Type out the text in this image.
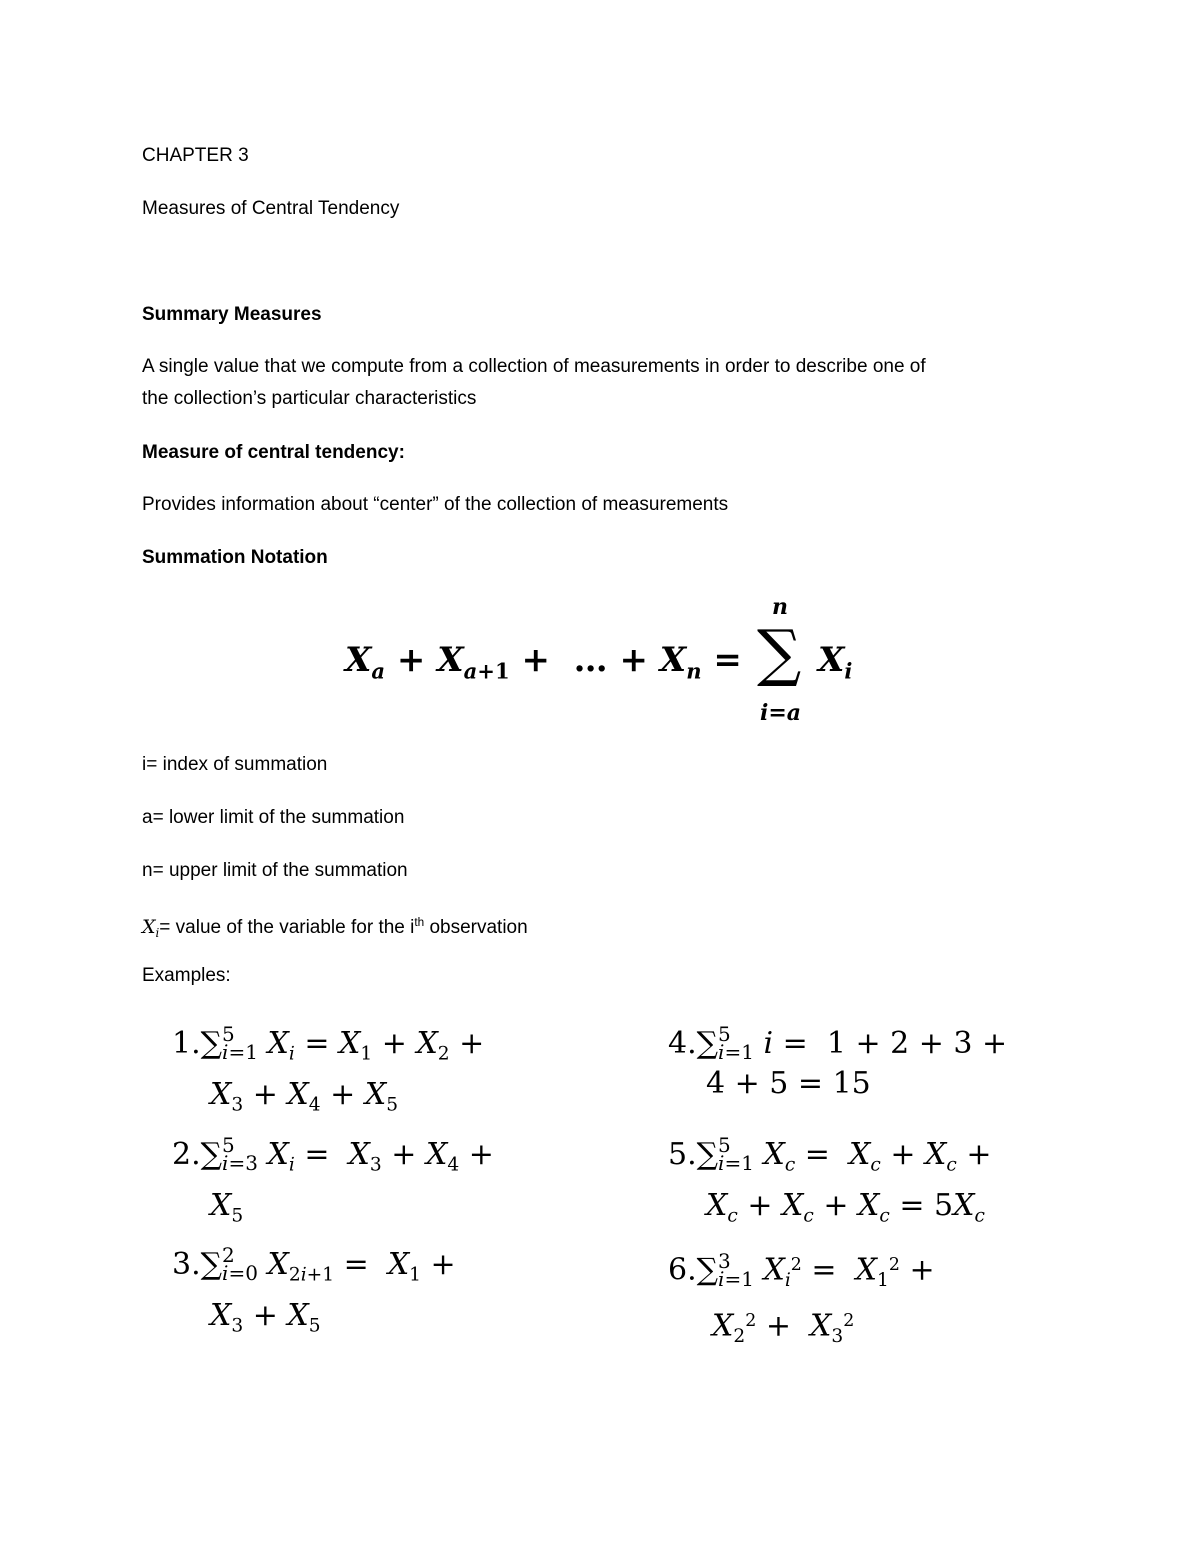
CHAPTER 3
Measures of Central Tendency
Summary Measures
A single value that we compute from a collection of measurements in order to describe one of
the collection’s particular characteristics
Measure of central tendency:
Provides information about “center” of the collection of measurements
Summation Notation
$X_a + X_{a+1}$ +  … + $X_n$ =
n
∑
i=a
$X_i$
i= index of summation
a= lower limit of the summation
n= upper limit of the summation
$X_i=$ value of the variable for the $i^{th}$ observation
Examples:
1.∑ 5
i=1 $X_i = X_1 + X_2$ +
$X_3 + X_4 + X_5$
2.∑ 5
i=3 $X_i = X_3 + X_4$ +
$X_5$
3.∑ 2
i=0 $X_{2i+1} = X_1$ +
$X_3 + X_5$
4.∑ 5
i=1 i =  1 + 2 + 3 +
4 + 5 = 15
5.∑ 5
i=1 $X_c = X_c + X_c$ +
$X_c + X_c + X_c = 5X_c$
6.∑ 3
i=1 $X_i^2 = X_1^2$ +
$X_2^2 + X_3^2$
